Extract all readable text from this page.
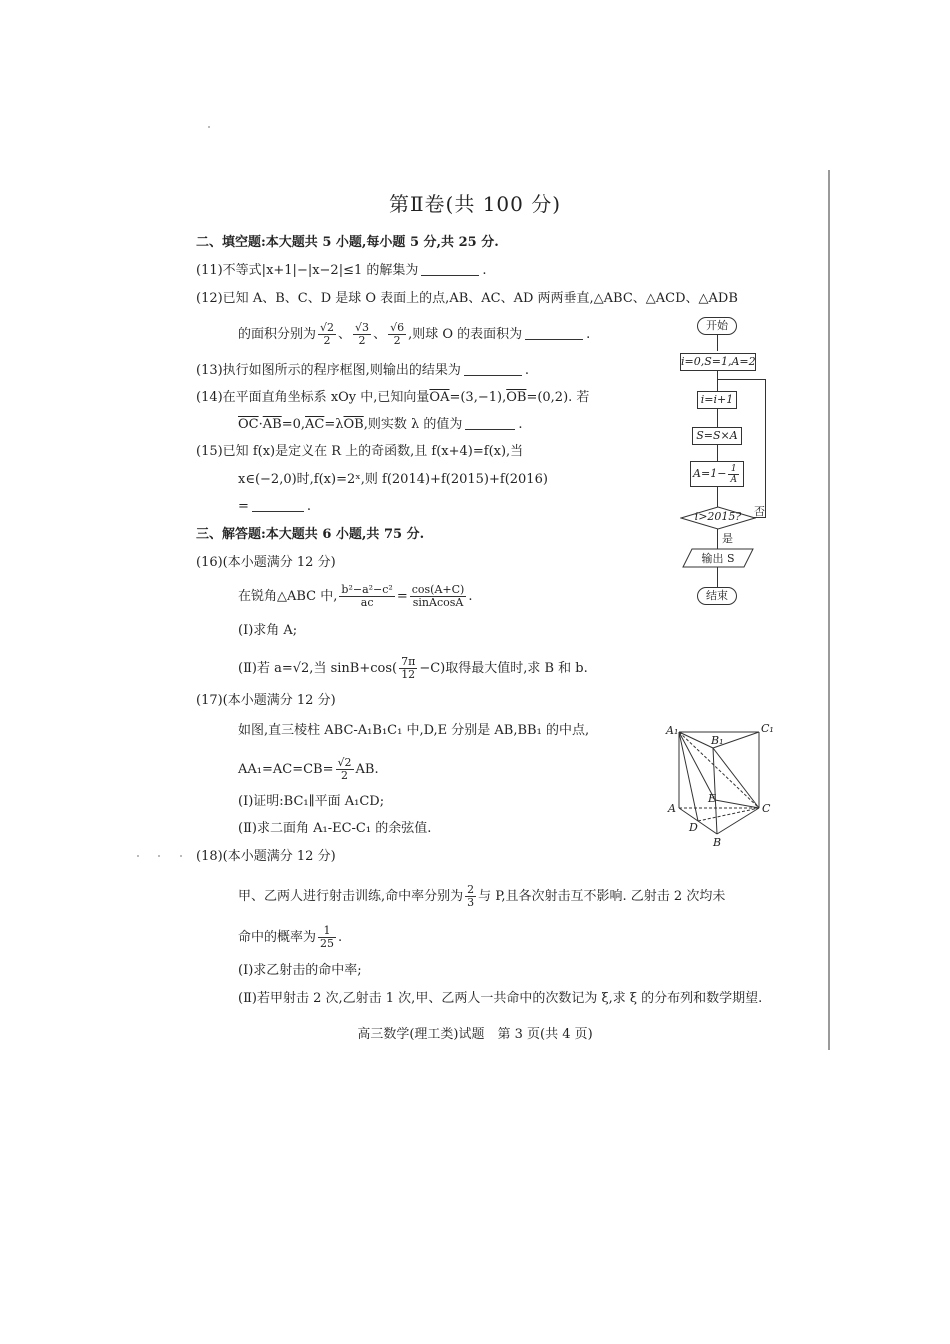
第Ⅱ卷(共 100 分)
二、填空题:本大题共 5 小题,每小题 5 分,共 25 分.
(11)不等式|x+1|−|x−2|≤1 的解集为	.
(12)已知 A、B、C、D 是球 O 表面上的点,AB、AC、AD 两两垂直,△ABC、△ACD、△ADB
的面积分别为 $\frac{√2}{2}$ 、 $\frac{√3}{2}$ 、 $\frac{√6}{2}$ ,则球 O 的表面积为	.
(13)执行如图所示的程序框图,则输出的结果为	.
(14)在平面直角坐标系 xOy 中,已知向量$\overline{OA}=(3,-1),\overline{OB}=(0,2)$. 若
$\overline{OC}\cdot\overline{AB}=0,\overline{AC}=\lambda\overline{OB}$,则实数 λ 的值为	.
(15)已知 f(x)是定义在 R 上的奇函数,且 f(x+4)=f(x),当
x∈(−2,0)时,f(x)=2ˣ,则 f(2014)+f(2015)+f(2016)
=	.
三、解答题:本大题共 6 小题,共 75 分.
(16)(本小题满分 12 分)
在锐角△ABC 中, $\frac{\text{b²−a²−c²}}{ac} = \frac{\cos(A+C)}{\text{sinAcosA}}$ .
(Ⅰ)求角 A;
(Ⅱ)若 a=√2,当 $\sin B+\cos( \frac{7\pi}{12} -C)$取得最大值时,求 B 和 b.
(17)(本小题满分 12 分)
如图,直三棱柱 ABC-A₁B₁C₁ 中,D,E 分别是 AB,BB₁ 的中点,
$AA_1=AC=CB= \frac{√2}{2}$ AB.
(Ⅰ)证明:BC₁∥平面 A₁CD;
(Ⅱ)求二面角 A₁-EC-C₁ 的余弦值.
(18)(本小题满分 12 分)
甲、乙两人进行射击训练,命中率分别为 $\frac{2}{3}$ 与 P,且各次射击互不影响. 乙射击 2 次均未
命中的概率为 $\frac{1}{25}$ .
(Ⅰ)求乙射击的命中率;
(Ⅱ)若甲射击 2 次,乙射击 1 次,甲、乙两人一共命中的次数记为 ξ,求 ξ 的分布列和数学期望.
高三数学(理工类)试题　第 3 页(共 4 页)
开始
i=0,S=1,A=2
i=i+1
S=S×A
$A=1- \frac{1}{A}$
i>2015? 否
是
输出 S
结束
A₁
B₁
C₁
A
B
C
D
E
